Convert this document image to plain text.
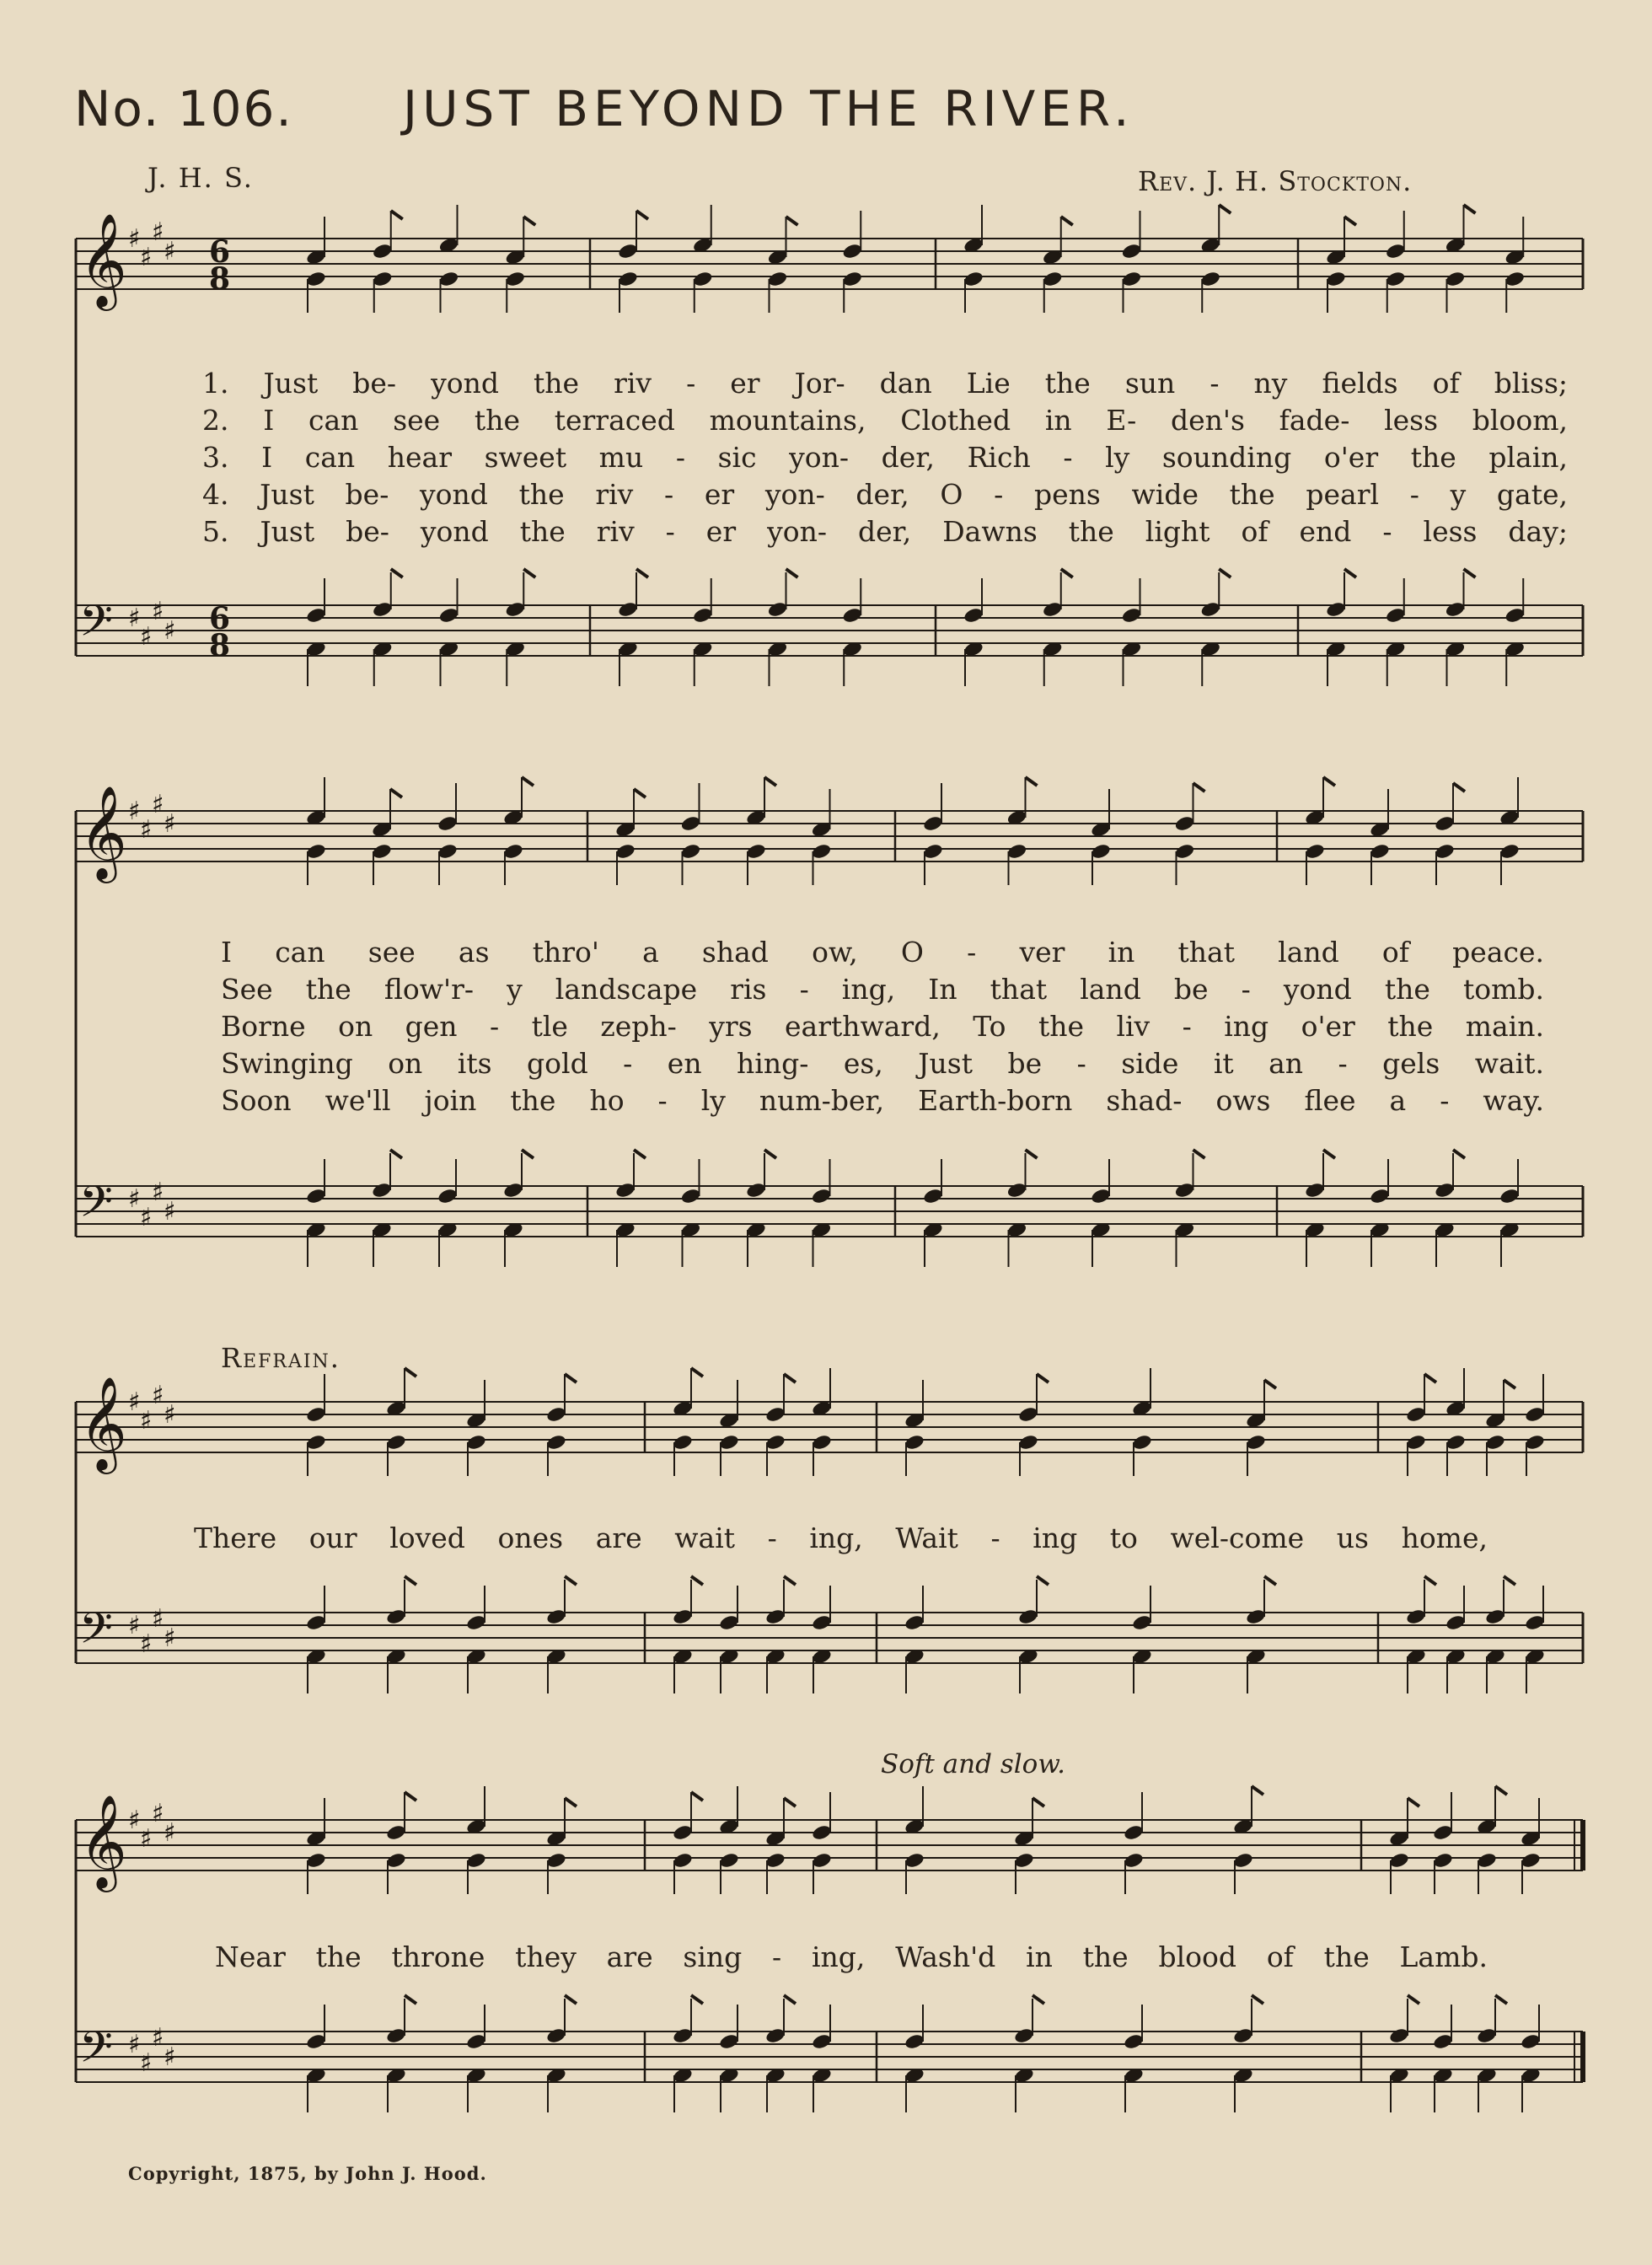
No. 106. JUST BEYOND THE RIVER.
J. H. S.	Rev. J. H. Stockton.
𝄞 ♯
♯
♯
♯ 6
8
𝄢 ♯
♯
♯
♯ 6
8
𝄞 ♯
♯
♯
♯
𝄢 ♯
♯
♯
♯
𝄞 ♯
♯
♯
♯
𝄢 ♯
♯
♯
♯
𝄞 ♯
♯
♯
♯
𝄢 ♯
♯
♯
♯
Refrain.
Soft and slow.
1. Just be- yond the riv - er Jor- dan Lie the sun - ny fields of bliss;
2. I can see the terraced mountains, Clothed in E- den's fade- less bloom,
3. I can hear sweet mu - sic yon- der, Rich - ly sounding o'er the plain,
4. Just be- yond the riv - er yon- der, O - pens wide the pearl - y gate,
5. Just be- yond the riv - er yon- der, Dawns the light of end - less day;
I can see as thro' a shad ow, O - ver in that land of peace.
See the flow'r- y landscape ris - ing, In that land be - yond the tomb.
Borne on gen - tle zeph- yrs earthward, To the liv - ing o'er the main.
Swinging on its gold - en hing- es, Just be - side it an - gels wait.
Soon we'll join the ho - ly num-ber, Earth-born shad- ows flee a - way.
There our loved ones are wait - ing, Wait - ing to wel-come us home,
Near the throne they are sing - ing, Wash'd in the blood of the Lamb.
Copyright, 1875, by John J. Hood.
